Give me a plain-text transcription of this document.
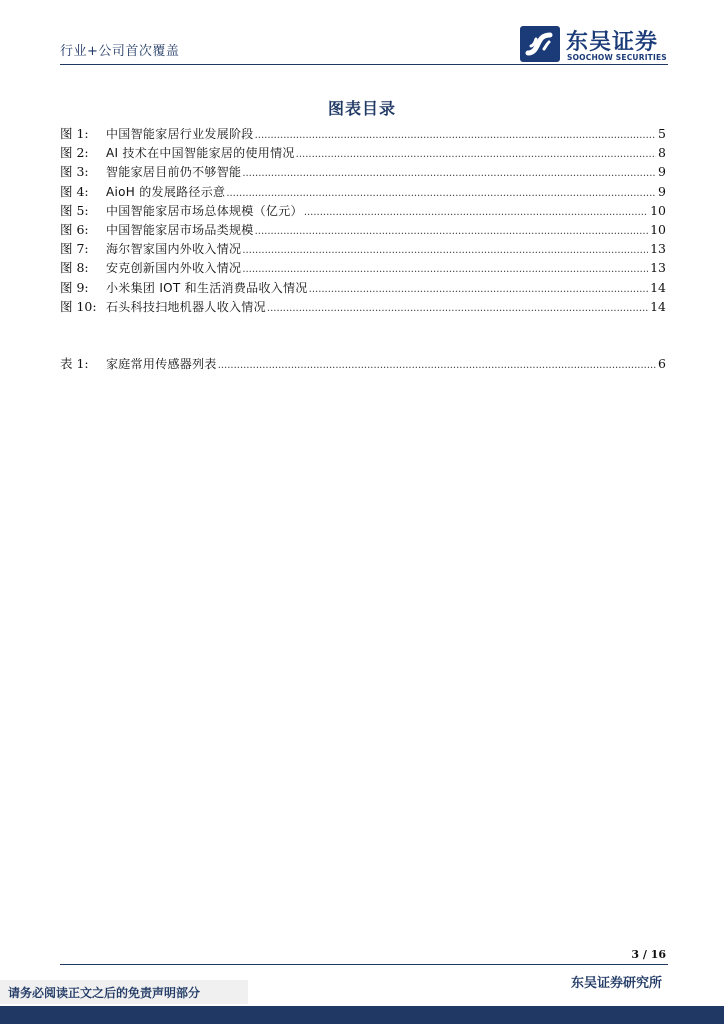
行业+公司首次覆盖	东吴证券
SOOCHOW SECURITIES
图表目录
图 1:	中国智能家居行业发展阶段 .....	5
图 2:	AI 技术在中国智能家居的使用情况 .....	8
图 3:	智能家居目前仍不够智能 .....	9
图 4:	AioH 的发展路径示意 .....	9
图 5:	中国智能家居市场总体规模（亿元） .....	10
图 6:	中国智能家居市场品类规模 .....	10
图 7:	海尔智家国内外收入情况 .....	13
图 8:	安克创新国内外收入情况 .....	13
图 9:	小米集团 IOT 和生活消费品收入情况 .....	14
图 10: 石头科技扫地机器人收入情况 .....	14
表 1:	家庭常用传感器列表 .....	6
3 / 16
请务必阅读正文之后的免责声明部分
东吴证券研究所
